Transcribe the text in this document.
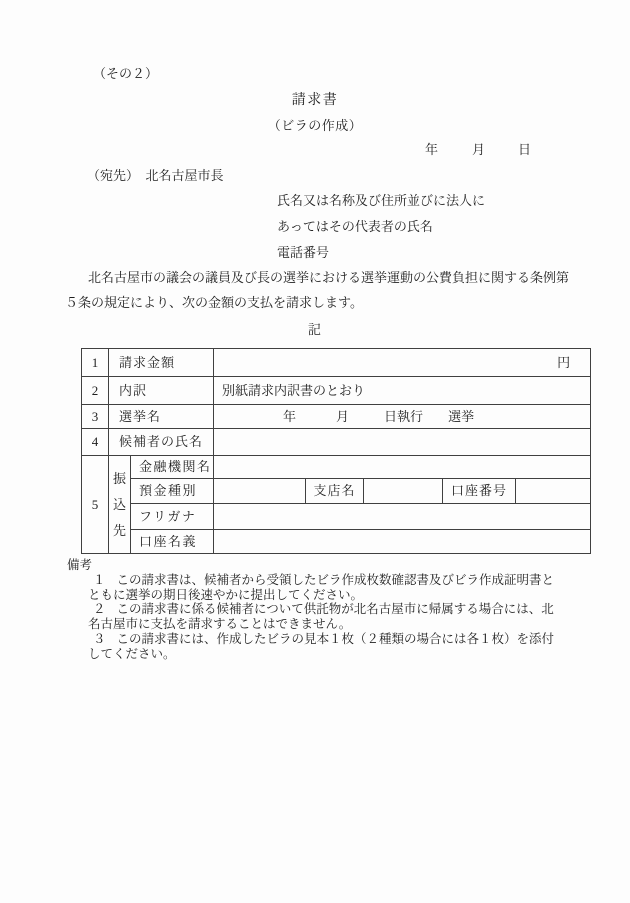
（その２）
請求書
（ビラの作成）
年	月	日
（宛先）　北名古屋市長
氏名又は名称及び住所並びに法人に
あってはその代表者の氏名
電話番号
北名古屋市の議会の議員及び長の選挙における選挙運動の公費負担に関する条例第
５条の規定により、次の金額の支払を請求します。
記
1	請求金額		円				
2	内訳		別紙請求内訳書のとおり				
3	選挙名		年 月 日執行 選挙				
4	候補者の氏名						
5	振込先	金融機関名					
		預金種別		支店名		口座番号	
		フリガナ					
		口座名義					
備考
１ この請求書は、候補者から受領したビラ作成枚数確認書及びビラ作成証明書と
ともに選挙の期日後速やかに提出してください。
２ この請求書に係る候補者について供託物が北名古屋市に帰属する場合には、北
名古屋市に支払を請求することはできません。
３ この請求書には、作成したビラの見本１枚（２種類の場合には各１枚）を添付
してください。
